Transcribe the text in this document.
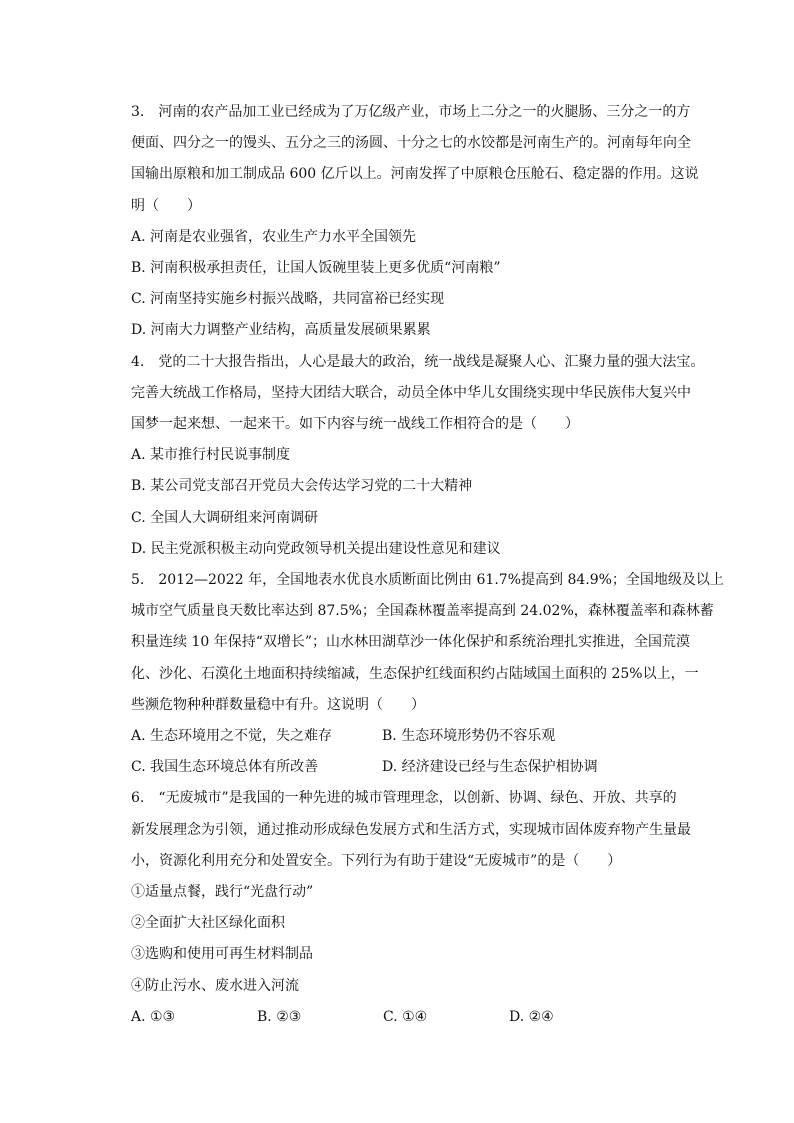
3. 河南的农产品加工业已经成为了万亿级产业，市场上二分之一的火腿肠、三分之一的方
便面、四分之一的馒头、五分之三的汤圆、十分之七的水饺都是河南生产的。河南每年向全
国输出原粮和加工制成品 600 亿斤以上。河南发挥了中原粮仓压舱石、稳定器的作用。这说
明（　　）
A. 河南是农业强省，农业生产力水平全国领先
B. 河南积极承担责任，让国人饭碗里装上更多优质“河南粮”
C. 河南坚持实施乡村振兴战略，共同富裕已经实现
D. 河南大力调整产业结构，高质量发展硕果累累
4. 党的二十大报告指出，人心是最大的政治，统一战线是凝聚人心、汇聚力量的强大法宝。
完善大统战工作格局，坚持大团结大联合，动员全体中华儿女围绕实现中华民族伟大复兴中
国梦一起来想、一起来干。如下内容与统一战线工作相符合的是（　　）
A. 某市推行村民说事制度
B. 某公司党支部召开党员大会传达学习党的二十大精神
C. 全国人大调研组来河南调研
D. 民主党派积极主动向党政领导机关提出建设性意见和建议
5. 2012—2022 年，全国地表水优良水质断面比例由 61.7%提高到 84.9%；全国地级及以上
城市空气质量良天数比率达到 87.5%；全国森林覆盖率提高到 24.02%，森林覆盖率和森林蓄
积量连续 10 年保持“双增长”；山水林田湖草沙一体化保护和系统治理扎实推进，全国荒漠
化、沙化、石漠化土地面积持续缩减，生态保护红线面积约占陆域国土面积的 25%以上，一
些濒危物种种群数量稳中有升。这说明（　　）
A. 生态环境用之不觉，失之难存	B. 生态环境形势仍不容乐观
C. 我国生态环境总体有所改善	D. 经济建设已经与生态保护相协调
6. “无废城市”是我国的一种先进的城市管理理念，以创新、协调、绿色、开放、共享的
新发展理念为引领，通过推动形成绿色发展方式和生活方式，实现城市固体废弃物产生量最
小，资源化利用充分和处置安全。下列行为有助于建设“无废城市”的是（　　）
①适量点餐，践行“光盘行动”
②全面扩大社区绿化面积
③选购和使用可再生材料制品
④防止污水、废水进入河流
A. ①③	B. ②③	C. ①④	D. ②④
